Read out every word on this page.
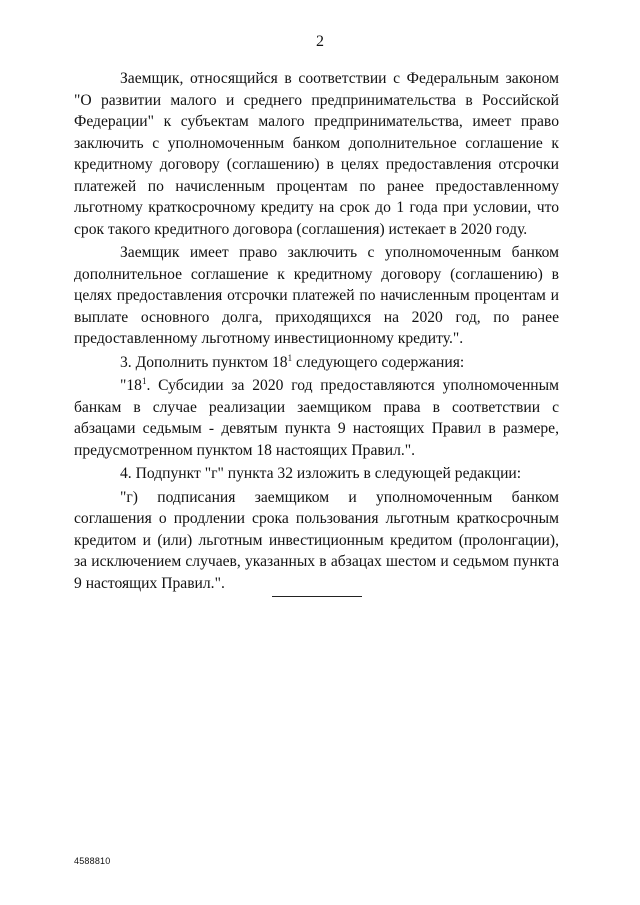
2

Заемщик, относящийся в соответствии с Федеральным законом "О развитии малого и среднего предпринимательства в Российской Федерации" к субъектам малого предпринимательства, имеет право заключить с уполномоченным банком дополнительное соглашение к кредитному договору (соглашению) в целях предоставления отсрочки платежей по начисленным процентам по ранее предоставленному льготному краткосрочному кредиту на срок до 1 года при условии, что срок такого кредитного договора (соглашения) истекает в 2020 году.

Заемщик имеет право заключить с уполномоченным банком дополнительное соглашение к кредитному договору (соглашению) в целях предоставления отсрочки платежей по начисленным процентам и выплате основного долга, приходящихся на 2020 год, по ранее предоставленному льготному инвестиционному кредиту.".

3. Дополнить пунктом $18^1$ следующего содержания:

"$18^1$. Субсидии за 2020 год предоставляются уполномоченным банкам в случае реализации заемщиком права в соответствии с абзацами седьмым - девятым пункта 9 настоящих Правил в размере, предусмотренном пунктом 18 настоящих Правил.".

4. Подпункт "г" пункта 32 изложить в следующей редакции:

"г) подписания заемщиком и уполномоченным банком соглашения о продлении срока пользования льготным краткосрочным кредитом и (или) льготным инвестиционным кредитом (пролонгации), за исключением случаев, указанных в абзацах шестом и седьмом пункта 9 настоящих Правил.".

4588810
